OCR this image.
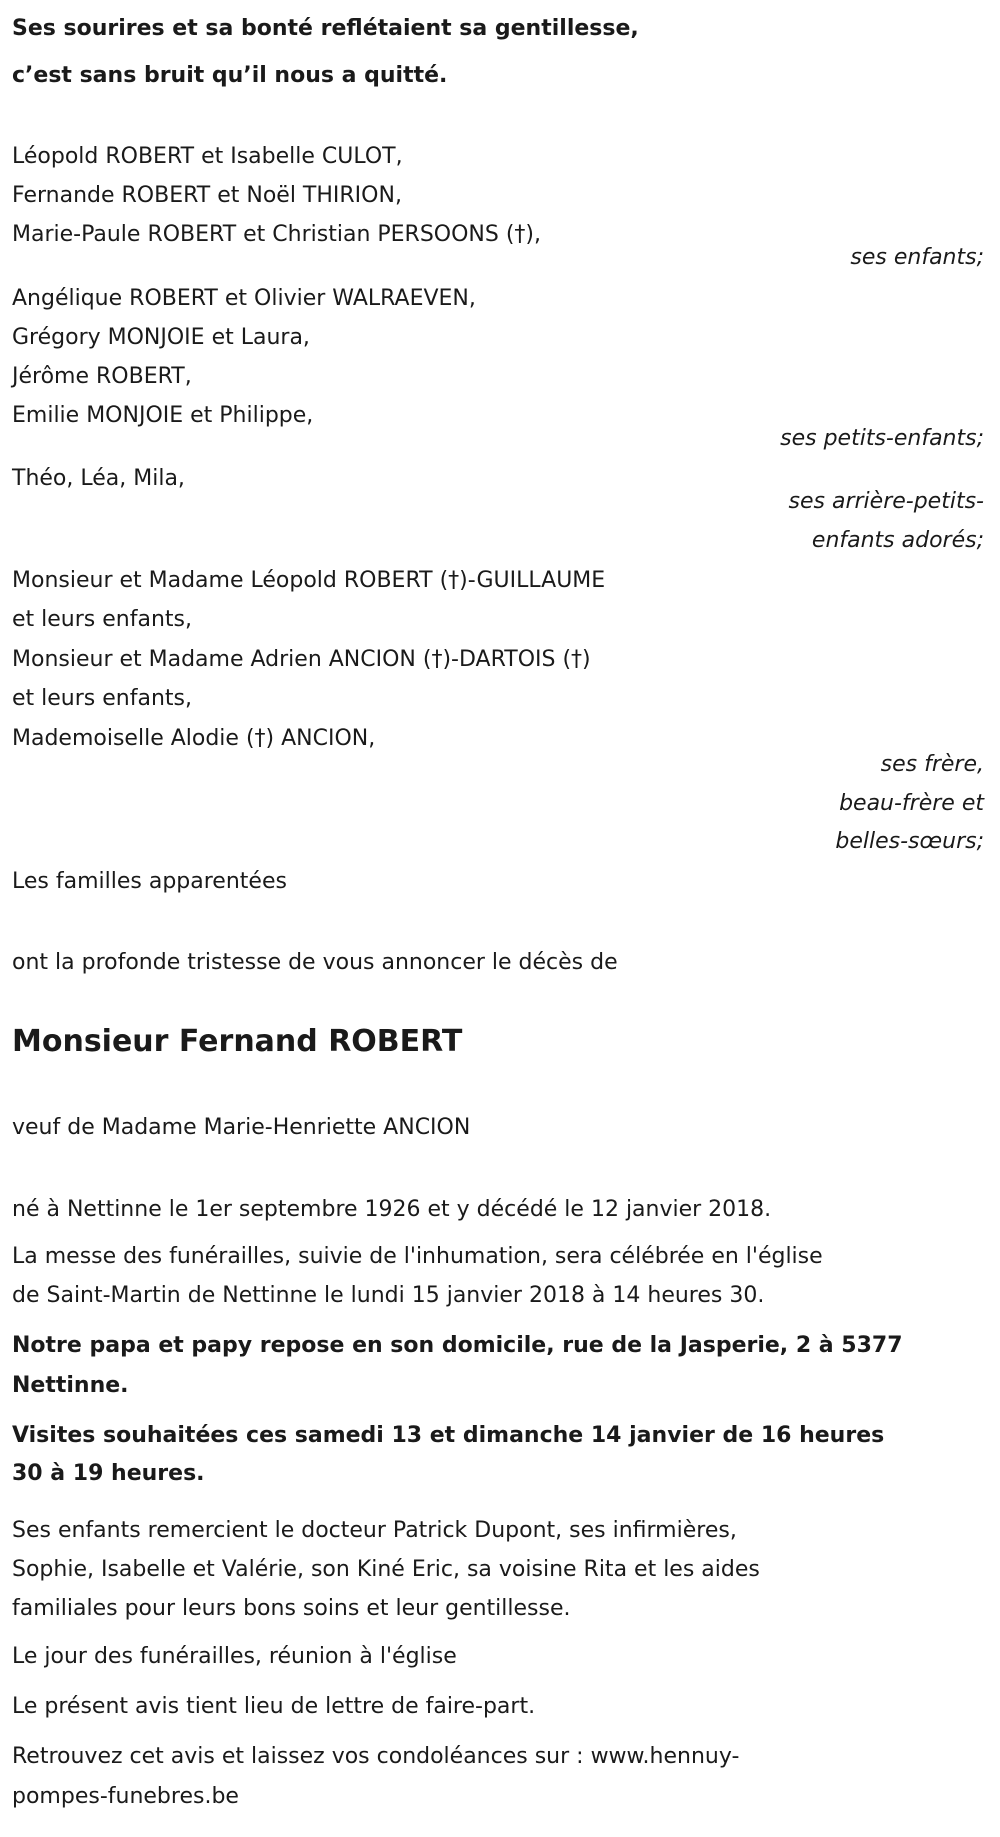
Ses sourires et sa bonté reflétaient sa gentillesse,
c’est sans bruit qu’il nous a quitté.
Léopold ROBERT et Isabelle CULOT,
Fernande ROBERT et Noël THIRION,
Marie-Paule ROBERT et Christian PERSOONS (†),
ses enfants;
Angélique ROBERT et Olivier WALRAEVEN,
Grégory MONJOIE et Laura,
Jérôme ROBERT,
Emilie MONJOIE et Philippe,
ses petits-enfants;
Théo, Léa, Mila,
ses arrière-petits-
enfants adorés;
Monsieur et Madame Léopold ROBERT (†)-GUILLAUME
et leurs enfants,
Monsieur et Madame Adrien ANCION (†)-DARTOIS (†)
et leurs enfants,
Mademoiselle Alodie (†) ANCION,
ses frère,
beau-frère et
belles-sœurs;
Les familles apparentées
ont la profonde tristesse de vous annoncer le décès de
Monsieur Fernand ROBERT
veuf de Madame Marie-Henriette ANCION
né à Nettinne le 1er septembre 1926 et y décédé le 12 janvier 2018.
La messe des funérailles, suivie de l'inhumation, sera célébrée en l'église
de Saint-Martin de Nettinne le lundi 15 janvier 2018 à 14 heures 30.
Notre papa et papy repose en son domicile, rue de la Jasperie, 2 à 5377
Nettinne.
Visites souhaitées ces samedi 13 et dimanche 14 janvier de 16 heures
30 à 19 heures.
Ses enfants remercient le docteur Patrick Dupont, ses infirmières,
Sophie, Isabelle et Valérie, son Kiné Eric, sa voisine Rita et les aides
familiales pour leurs bons soins et leur gentillesse.
Le jour des funérailles, réunion à l'église
Le présent avis tient lieu de lettre de faire-part.
Retrouvez cet avis et laissez vos condoléances sur : www.hennuy-
pompes-funebres.be
